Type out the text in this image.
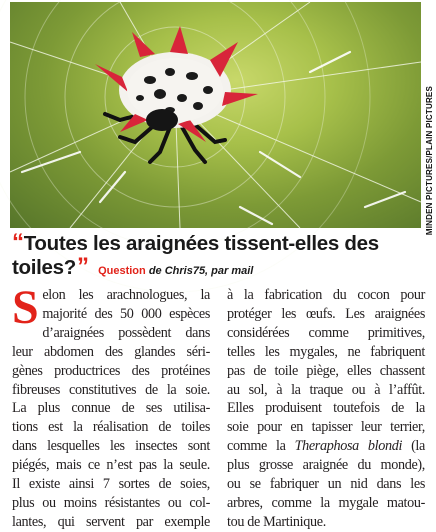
MINDEN PICTURES/PLAIN PICTURES
“Toutes les araignées tissent-elles des toiles?” Question de Chris75, par mail
S elon les arachnologues, la
majorité des 50 000 espèces
d’araignées possèdent dans
leur abdomen des glandes séri-
gènes productrices des protéines
fibreuses constitutives de la soie.
La plus connue de ses utilisa-
tions est la réalisation de toiles
dans lesquelles les insectes sont
piégés, mais ce n’est pas la seule.
Il existe ainsi 7 sortes de soies,
plus ou moins résistantes ou col-
lantes, qui servent par exemple
à la fabrication du cocon pour
protéger les œufs. Les araignées
considérées comme primitives,
telles les mygales, ne fabriquent
pas de toile piège, elles chassent
au sol, à la traque ou à l’affût.
Elles produisent toutefois de la
soie pour en tapisser leur terrier,
comme la Theraphosa blondi (la
plus grosse araignée du monde),
ou se fabriquer un nid dans les
arbres, comme la mygale matou-
tou de Martinique.
